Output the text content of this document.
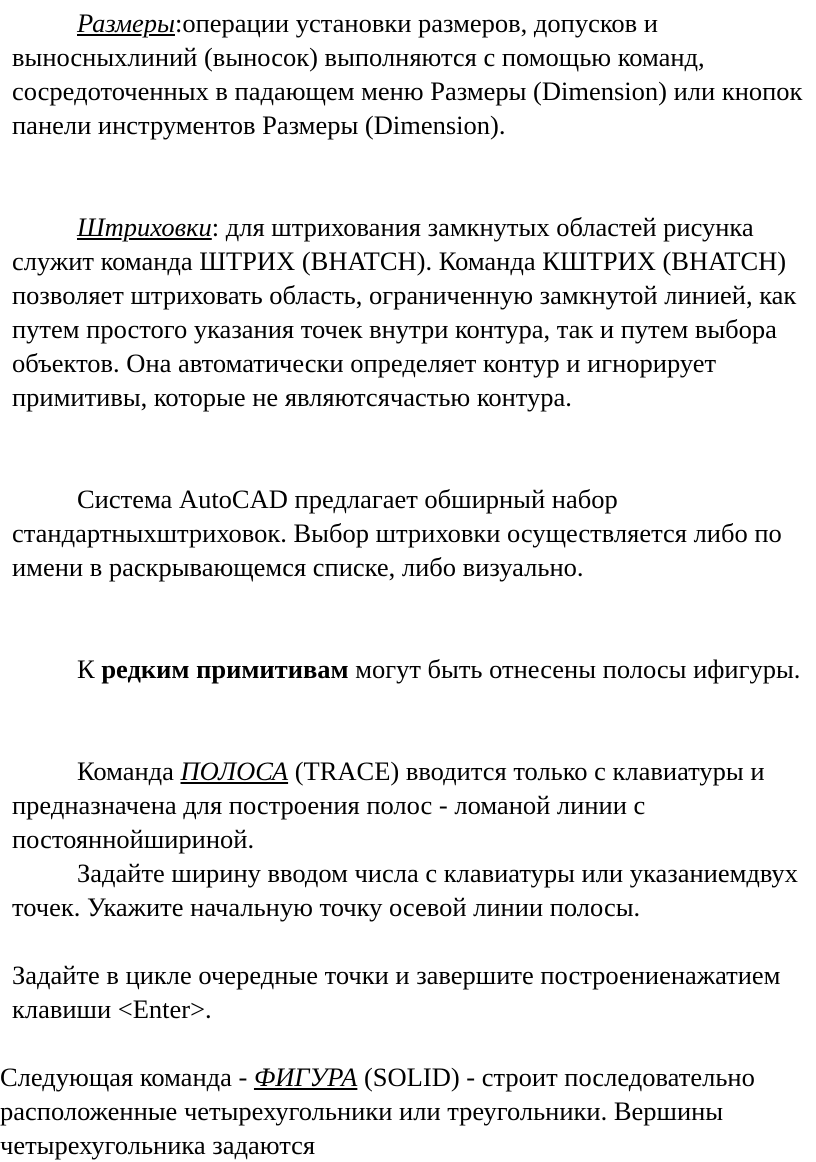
Размеры:операции установки размеров, допусков и выносныхлиний (выносок) выполняются с помощью команд, сосредоточенных в падающем меню Размеры (Dimension) или кнопок панели инструментов Размеры (Dimension).

Штриховки: для штрихования замкнутых областей рисунка служит команда ШТРИХ (BHATCH). Команда КШТРИХ (BHATCH) позволяет штриховать область, ограниченную замкнутой линией, как путем простого указания точек внутри контура, так и путем выбора объектов. Она автоматически определяет контур и игнорирует примитивы, которые не являютсячастью контура.

Система AutoCAD предлагает обширный набор стандартныхштриховок. Выбор штриховки осуществляется либо по имени в раскрывающемся списке, либо визуально.

К редким примитивам могут быть отнесены полосы ифигуры.

Команда ПОЛОСА (TRACE) вводится только с клавиатуры и предназначена для построения полос - ломаной линии с постояннойшириной.

Задайте ширину вводом числа с клавиатуры или указаниемдвух точек. Укажите начальную точку осевой линии полосы.

Задайте в цикле очередные точки и завершите построениенажатием клавиши <Enter>.

Следующая команда - ФИГУРА (SOLID) - строит последовательно расположенные четырехугольники или треугольники. Вершины четырехугольника задаются
